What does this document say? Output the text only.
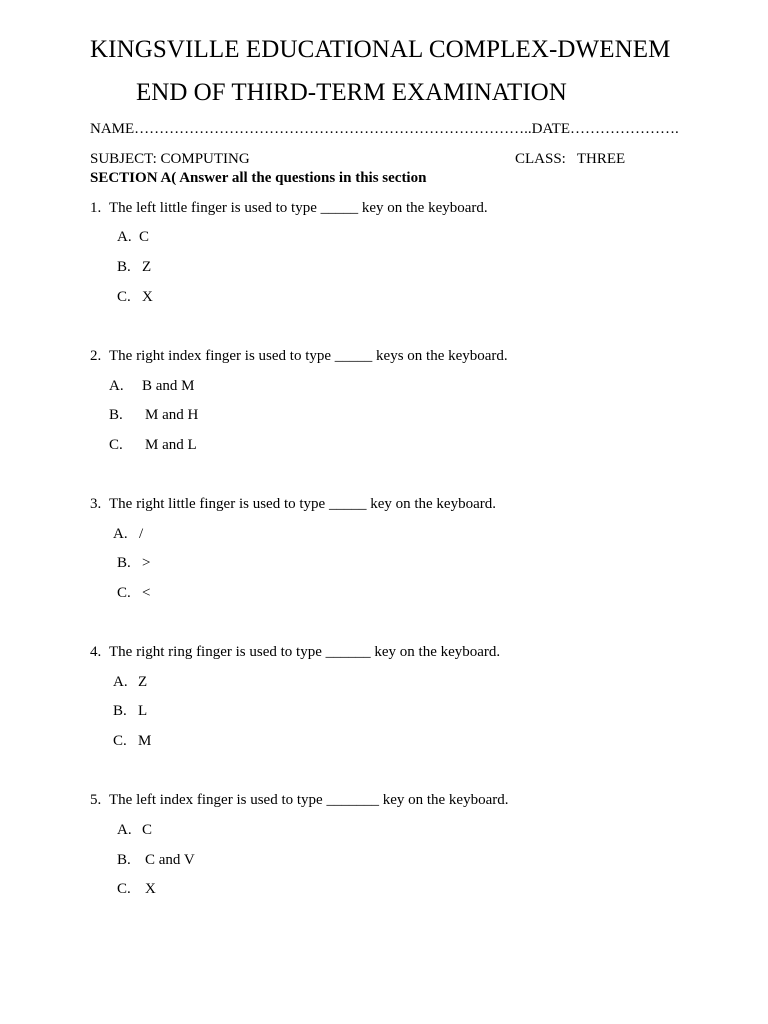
KINGSVILLE EDUCATIONAL COMPLEX-DWENEM
END OF THIRD-TERM EXAMINATION
NAME……………………………………………………………………..DATE………………….
SUBJECT: COMPUTING	CLASS:   THREE
SECTION A( Answer all the questions in this section
1. The left little finger is used to type _____ key on the keyboard.
A. C
B. Z
C. X
2. The right index finger is used to type _____ keys on the keyboard.
A. B and M
B. M and H
C. M and L
3. The right little finger is used to type _____ key on the keyboard.
A. /
B. >
C. <
4. The right ring finger is used to type ______ key on the keyboard.
A. Z
B. L
C. M
5. The left index finger is used to type _______ key on the keyboard.
A. C
B. C and V
C. X
